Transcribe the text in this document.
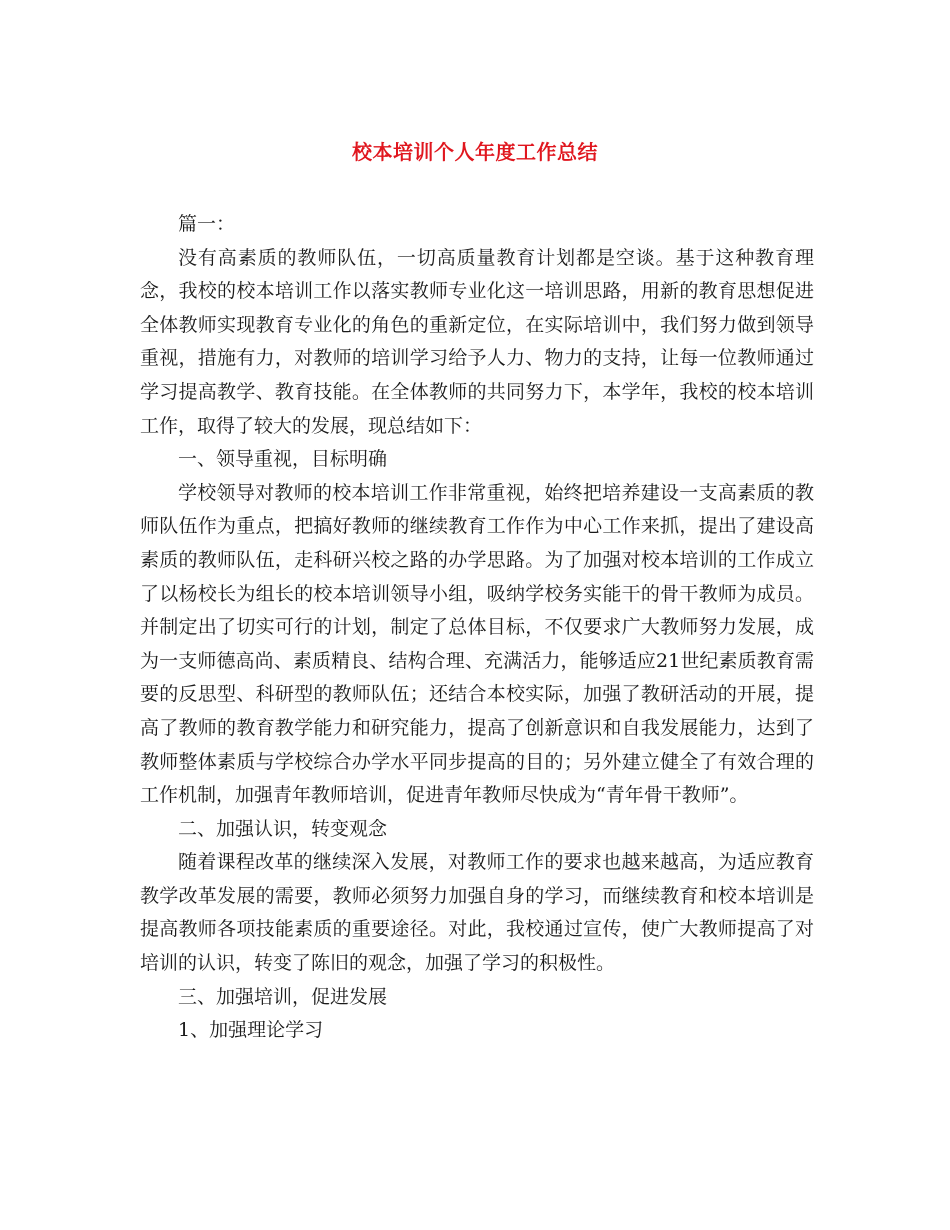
校本培训个人年度工作总结

篇一：

没有高素质的教师队伍，一切高质量教育计划都是空谈。基于这种教育理念，我校的校本培训工作以落实教师专业化这一培训思路，用新的教育思想促进全体教师实现教育专业化的角色的重新定位，在实际培训中，我们努力做到领导重视，措施有力，对教师的培训学习给予人力、物力的支持，让每一位教师通过学习提高教学、教育技能。在全体教师的共同努力下，本学年，我校的校本培训工作，取得了较大的发展，现总结如下：

一、领导重视，目标明确

学校领导对教师的校本培训工作非常重视，始终把培养建设一支高素质的教师队伍作为重点，把搞好教师的继续教育工作作为中心工作来抓，提出了建设高素质的教师队伍，走科研兴校之路的办学思路。为了加强对校本培训的工作成立了以杨校长为组长的校本培训领导小组，吸纳学校务实能干的骨干教师为成员。并制定出了切实可行的计划，制定了总体目标，不仅要求广大教师努力发展，成为一支师德高尚、素质精良、结构合理、充满活力，能够适应21世纪素质教育需要的反思型、科研型的教师队伍；还结合本校实际，加强了教研活动的开展，提高了教师的教育教学能力和研究能力，提高了创新意识和自我发展能力，达到了教师整体素质与学校综合办学水平同步提高的目的；另外建立健全了有效合理的工作机制，加强青年教师培训，促进青年教师尽快成为“青年骨干教师”。

二、加强认识，转变观念

随着课程改革的继续深入发展，对教师工作的要求也越来越高，为适应教育教学改革发展的需要，教师必须努力加强自身的学习，而继续教育和校本培训是提高教师各项技能素质的重要途径。对此，我校通过宣传，使广大教师提高了对培训的认识，转变了陈旧的观念，加强了学习的积极性。

三、加强培训，促进发展

1、加强理论学习
